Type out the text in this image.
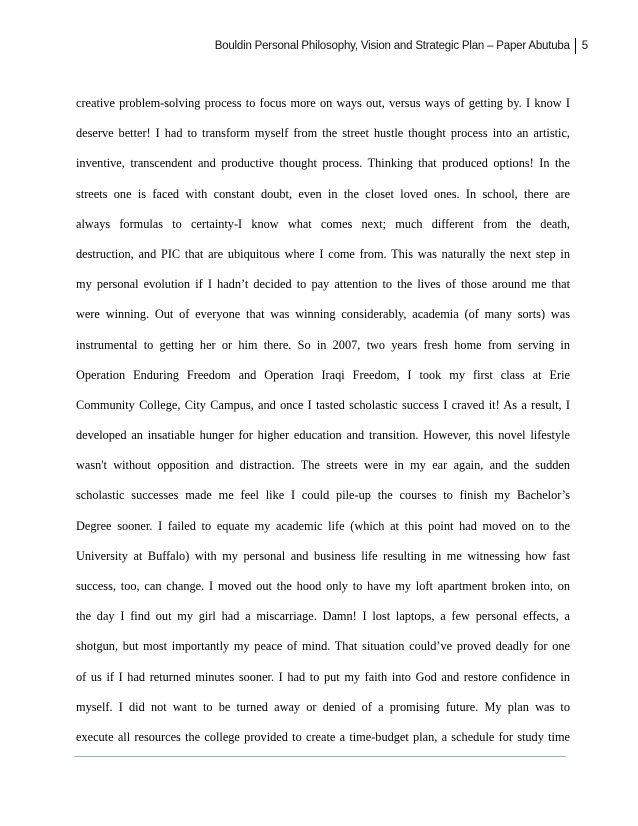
Bouldin Personal Philosophy, Vision and Strategic Plan – Paper Abutuba 5
creative problem-solving process to focus more on ways out, versus ways of getting by. I know I
deserve better! I had to transform myself from the street hustle thought process into an artistic,
inventive, transcendent and productive thought process. Thinking that produced options! In the
streets one is faced with constant doubt, even in the closet loved ones. In school, there are
always formulas to certainty-I know what comes next; much different from the death,
destruction, and PIC that are ubiquitous where I come from. This was naturally the next step in
my personal evolution if I hadn’t decided to pay attention to the lives of those around me that
were winning. Out of everyone that was winning considerably, academia (of many sorts) was
instrumental to getting her or him there. So in 2007, two years fresh home from serving in
Operation Enduring Freedom and Operation Iraqi Freedom, I took my first class at Erie
Community College, City Campus, and once I tasted scholastic success I craved it! As a result, I
developed an insatiable hunger for higher education and transition. However, this novel lifestyle
wasn't without opposition and distraction. The streets were in my ear again, and the sudden
scholastic successes made me feel like I could pile-up the courses to finish my Bachelor’s
Degree sooner. I failed to equate my academic life (which at this point had moved on to the
University at Buffalo) with my personal and business life resulting in me witnessing how fast
success, too, can change. I moved out the hood only to have my loft apartment broken into, on
the day I find out my girl had a miscarriage. Damn! I lost laptops, a few personal effects, a
shotgun, but most importantly my peace of mind. That situation could’ve proved deadly for one
of us if I had returned minutes sooner. I had to put my faith into God and restore confidence in
myself. I did not want to be turned away or denied of a promising future. My plan was to
execute all resources the college provided to create a time-budget plan, a schedule for study time
